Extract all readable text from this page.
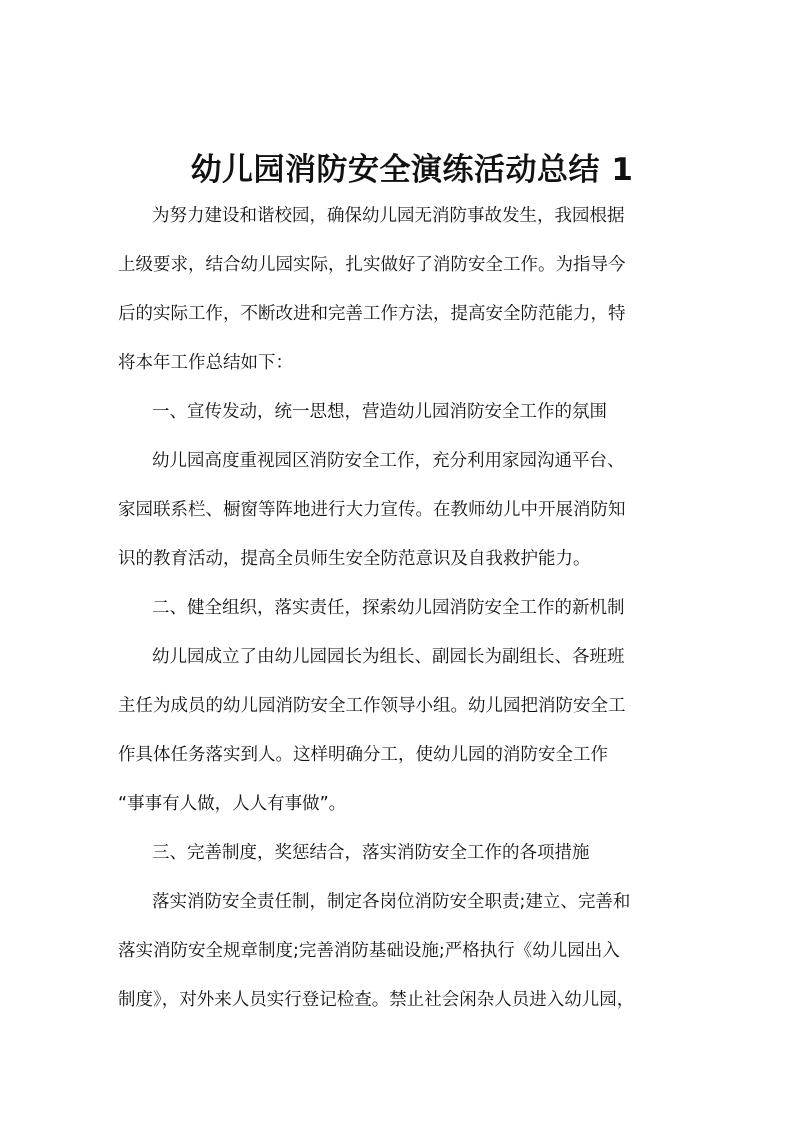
幼儿园消防安全演练活动总结 1
为努力建设和谐校园，确保幼儿园无消防事故发生，我园根据
上级要求，结合幼儿园实际，扎实做好了消防安全工作。为指导今
后的实际工作，不断改进和完善工作方法，提高安全防范能力，特
将本年工作总结如下：
一、宣传发动，统一思想，营造幼儿园消防安全工作的氛围
幼儿园高度重视园区消防安全工作，充分利用家园沟通平台、
家园联系栏、橱窗等阵地进行大力宣传。在教师幼儿中开展消防知
识的教育活动，提高全员师生安全防范意识及自我救护能力。
二、健全组织，落实责任，探索幼儿园消防安全工作的新机制
幼儿园成立了由幼儿园园长为组长、副园长为副组长、各班班
主任为成员的幼儿园消防安全工作领导小组。幼儿园把消防安全工
作具体任务落实到人。这样明确分工，使幼儿园的消防安全工作
“事事有人做，人人有事做”。
三、完善制度，奖惩结合，落实消防安全工作的各项措施
落实消防安全责任制，制定各岗位消防安全职责;建立、完善和
落实消防安全规章制度;完善消防基础设施;严格执行《幼儿园出入
制度》，对外来人员实行登记检查。禁止社会闲杂人员进入幼儿园，
